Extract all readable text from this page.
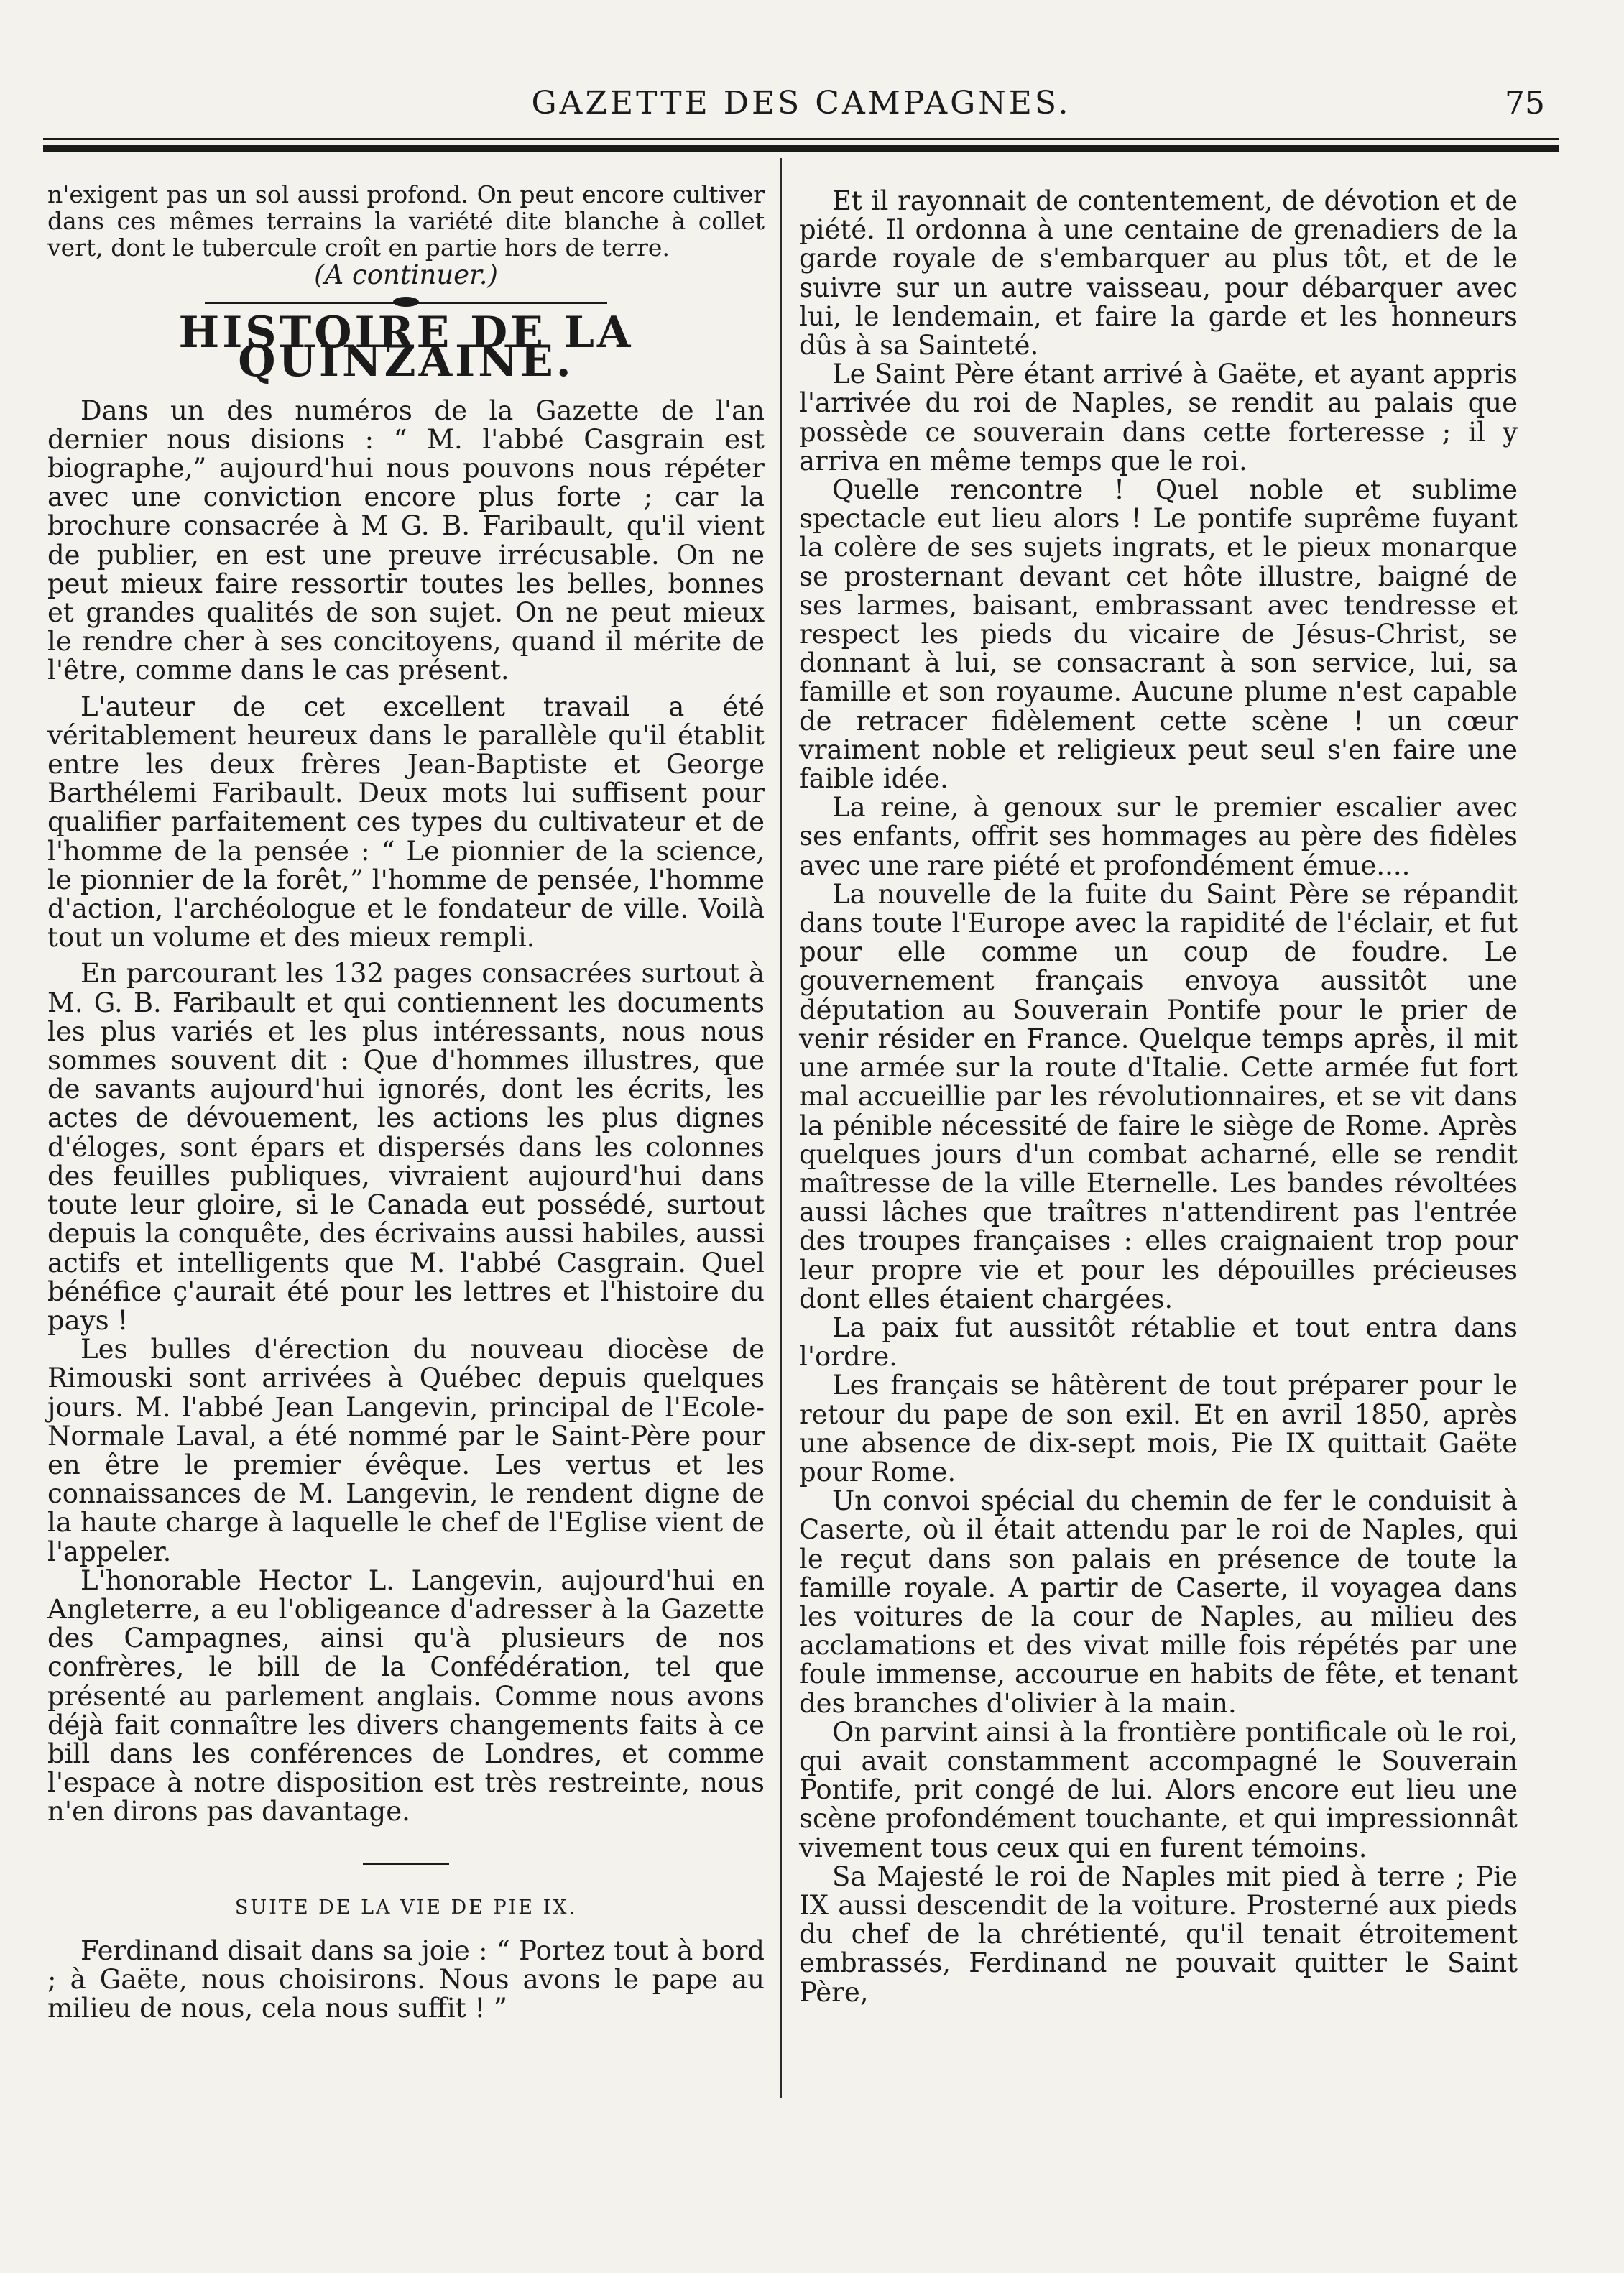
GAZETTE DES CAMPAGNES.	75

n'exigent pas un sol aussi profond. On peut encore cultiver dans ces mêmes terrains la variété dite blanche à collet vert, dont le tubercule croît en partie hors de terre.

(A continuer.)

HISTOIRE DE LA QUINZAINE.

Dans un des numéros de la Gazette de l'an dernier nous disions : “ M. l'abbé Casgrain est biographe,” aujourd'hui nous pouvons nous répéter avec une conviction encore plus forte ; car la brochure consacrée à M G. B. Faribault, qu'il vient de publier, en est une preuve irrécusable. On ne peut mieux faire ressortir toutes les belles, bonnes et grandes qualités de son sujet. On ne peut mieux le rendre cher à ses concitoyens, quand il mérite de l'être, comme dans le cas présent.

L'auteur de cet excellent travail a été véritablement heureux dans le parallèle qu'il établit entre les deux frères Jean-Baptiste et George Barthélemi Faribault. Deux mots lui suffisent pour qualifier parfaitement ces types du cultivateur et de l'homme de la pensée : “ Le pionnier de la science, le pionnier de la forêt,” l'homme de pensée, l'homme d'action, l'archéologue et le fondateur de ville. Voilà tout un volume et des mieux rempli.

En parcourant les 132 pages consacrées surtout à M. G. B. Faribault et qui contiennent les documents les plus variés et les plus intéressants, nous nous sommes souvent dit : Que d'hommes illustres, que de savants aujourd'hui ignorés, dont les écrits, les actes de dévouement, les actions les plus dignes d'éloges, sont épars et dispersés dans les colonnes des feuilles publiques, vivraient aujourd'hui dans toute leur gloire, si le Canada eut possédé, surtout depuis la conquête, des écrivains aussi habiles, aussi actifs et intelligents que M. l'abbé Casgrain. Quel bénéfice ç'aurait été pour les lettres et l'histoire du pays !

Les bulles d'érection du nouveau diocèse de Rimouski sont arrivées à Québec depuis quelques jours. M. l'abbé Jean Langevin, principal de l'Ecole-Normale Laval, a été nommé par le Saint-Père pour en être le premier évêque. Les vertus et les connaissances de M. Langevin, le rendent digne de la haute charge à laquelle le chef de l'Eglise vient de l'appeler.

L'honorable Hector L. Langevin, aujourd'hui en Angleterre, a eu l'obligeance d'adresser à la Gazette des Campagnes, ainsi qu'à plusieurs de nos confrères, le bill de la Confédération, tel que présenté au parlement anglais. Comme nous avons déjà fait connaître les divers changements faits à ce bill dans les conférences de Londres, et comme l'espace à notre disposition est très restreinte, nous n'en dirons pas davantage.

SUITE DE LA VIE DE PIE IX.

Ferdinand disait dans sa joie : “ Portez tout à bord ; à Gaëte, nous choisirons. Nous avons le pape au milieu de nous, cela nous suffit ! ”

Et il rayonnait de contentement, de dévotion et de piété. Il ordonna à une centaine de grenadiers de la garde royale de s'embarquer au plus tôt, et de le suivre sur un autre vaisseau, pour débarquer avec lui, le lendemain, et faire la garde et les honneurs dûs à sa Sainteté.

Le Saint Père étant arrivé à Gaëte, et ayant appris l'arrivée du roi de Naples, se rendit au palais que possède ce souverain dans cette forteresse ; il y arriva en même temps que le roi.

Quelle rencontre ! Quel noble et sublime spectacle eut lieu alors ! Le pontife suprême fuyant la colère de ses sujets ingrats, et le pieux monarque se prosternant devant cet hôte illustre, baigné de ses larmes, baisant, embrassant avec tendresse et respect les pieds du vicaire de Jésus-Christ, se donnant à lui, se consacrant à son service, lui, sa famille et son royaume. Aucune plume n'est capable de retracer fidèlement cette scène ! un cœur vraiment noble et religieux peut seul s'en faire une faible idée.

La reine, à genoux sur le premier escalier avec ses enfants, offrit ses hommages au père des fidèles avec une rare piété et profondément émue....

La nouvelle de la fuite du Saint Père se répandit dans toute l'Europe avec la rapidité de l'éclair, et fut pour elle comme un coup de foudre. Le gouvernement français envoya aussitôt une députation au Souverain Pontife pour le prier de venir résider en France. Quelque temps après, il mit une armée sur la route d'Italie. Cette armée fut fort mal accueillie par les révolutionnaires, et se vit dans la pénible nécessité de faire le siège de Rome. Après quelques jours d'un combat acharné, elle se rendit maîtresse de la ville Eternelle. Les bandes révoltées aussi lâches que traîtres n'attendirent pas l'entrée des troupes françaises : elles craignaient trop pour leur propre vie et pour les dépouilles précieuses dont elles étaient chargées.

La paix fut aussitôt rétablie et tout entra dans l'ordre.

Les français se hâtèrent de tout préparer pour le retour du pape de son exil. Et en avril 1850, après une absence de dix-sept mois, Pie IX quittait Gaëte pour Rome.

Un convoi spécial du chemin de fer le conduisit à Caserte, où il était attendu par le roi de Naples, qui le reçut dans son palais en présence de toute la famille royale. A partir de Caserte, il voyagea dans les voitures de la cour de Naples, au milieu des acclamations et des vivat mille fois répétés par une foule immense, accourue en habits de fête, et tenant des branches d'olivier à la main.

On parvint ainsi à la frontière pontificale où le roi, qui avait constamment accompagné le Souverain Pontife, prit congé de lui. Alors encore eut lieu une scène profondément touchante, et qui impressionnât vivement tous ceux qui en furent témoins.

Sa Majesté le roi de Naples mit pied à terre ; Pie IX aussi descendit de la voiture. Prosterné aux pieds du chef de la chrétienté, qu'il tenait étroitement embrassés, Ferdinand ne pouvait quitter le Saint Père,
